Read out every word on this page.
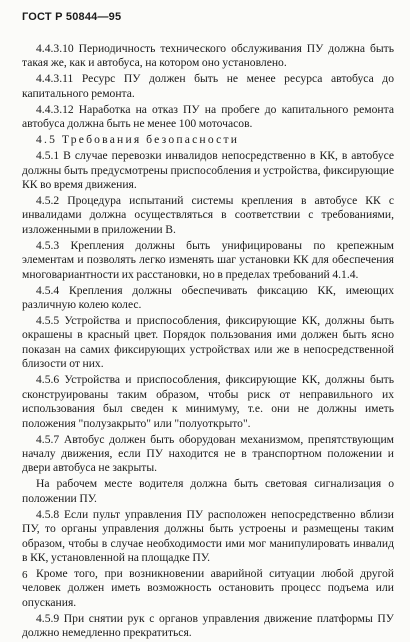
ГОСТ Р 50844—95

4.4.3.10 Периодичность технического обслуживания ПУ должна быть такая же, как и автобуса, на котором оно установлено.

4.4.3.11 Ресурс ПУ должен быть не менее ресурса автобуса до капитального ремонта.

4.4.3.12 Наработка на отказ ПУ на пробеге до капитального ремонта автобуса должна быть не менее 100 моточасов.

4.5 Требования безопасности

4.5.1 В случае перевозки инвалидов непосредственно в КК, в автобусе должны быть предусмотрены приспособления и устройства, фиксирующие КК во время движения.

4.5.2 Процедура испытаний системы крепления в автобусе КК с инвалидами должна осуществляться в соответствии с требованиями, изложенными в приложении В.

4.5.3 Крепления должны быть унифицированы по крепежным элементам и позволять легко изменять шаг установки КК для обеспечения многовариантности их расстановки, но в пределах требований 4.1.4.

4.5.4 Крепления должны обеспечивать фиксацию КК, имеющих различную колею колес.

4.5.5 Устройства и приспособления, фиксирующие КК, должны быть окрашены в красный цвет. Порядок пользования ими должен быть ясно показан на самих фиксирующих устройствах или же в непосредственной близости от них.

4.5.6 Устройства и приспособления, фиксирующие КК, должны быть сконструированы таким образом, чтобы риск от неправильного их использования был сведен к минимуму, т.е. они не должны иметь положения "полузакрыто" или "полуоткрыто".

4.5.7 Автобус должен быть оборудован механизмом, препятствующим началу движения, если ПУ находится не в транспортном положении и двери автобуса не закрыты.

На рабочем месте водителя должна быть световая сигнализация о положении ПУ.

4.5.8 Если пульт управления ПУ расположен непосредственно вблизи ПУ, то органы управления должны быть устроены и размещены таким образом, чтобы в случае необходимости ими мог манипулировать инвалид в КК, установленной на площадке ПУ.

Кроме того, при возникновении аварийной ситуации любой другой человек должен иметь возможность остановить процесс подъема или опускания.

4.5.9 При снятии рук с органов управления движение платформы ПУ должно немедленно прекратиться.

6
